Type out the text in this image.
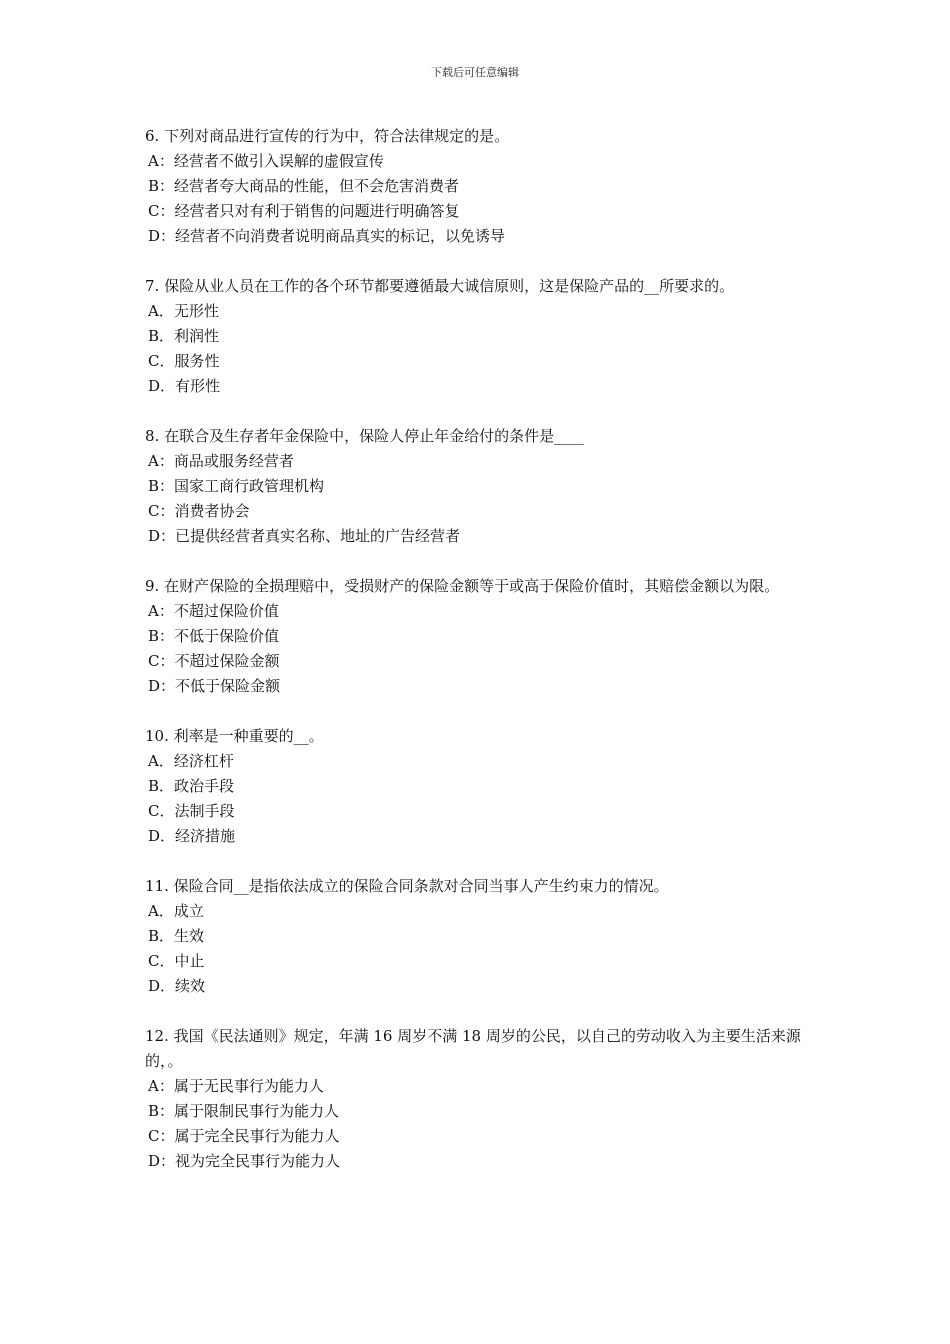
下载后可任意编辑

6. 下列对商品进行宣传的行为中，符合法律规定的是。

A：经营者不做引入误解的虚假宣传

B：经营者夸大商品的性能，但不会危害消费者

C：经营者只对有利于销售的问题进行明确答复

D：经营者不向消费者说明商品真实的标记，以免诱导

7. 保险从业人员在工作的各个环节都要遵循最大诚信原则，这是保险产品的__所要求的。

A．无形性

B．利润性

C．服务性

D．有形性

8. 在联合及生存者年金保险中，保险人停止年金给付的条件是____

A：商品或服务经营者

B：国家工商行政管理机构

C：消费者协会

D：已提供经营者真实名称、地址的广告经营者

9. 在财产保险的全损理赔中，受损财产的保险金额等于或高于保险价值时，其赔偿金额以为限。

A：不超过保险价值

B：不低于保险价值

C：不超过保险金额

D：不低于保险金额

10. 利率是一种重要的__。

A．经济杠杆

B．政治手段

C．法制手段

D．经济措施

11. 保险合同__是指依法成立的保险合同条款对合同当事人产生约束力的情况。

A．成立

B．生效

C．中止

D．续效

12. 我国《民法通则》规定，年满 16 周岁不满 18 周岁的公民，以自己的劳动收入为主要生活来源的，。

A：属于无民事行为能力人

B：属于限制民事行为能力人

C：属于完全民事行为能力人

D：视为完全民事行为能力人
